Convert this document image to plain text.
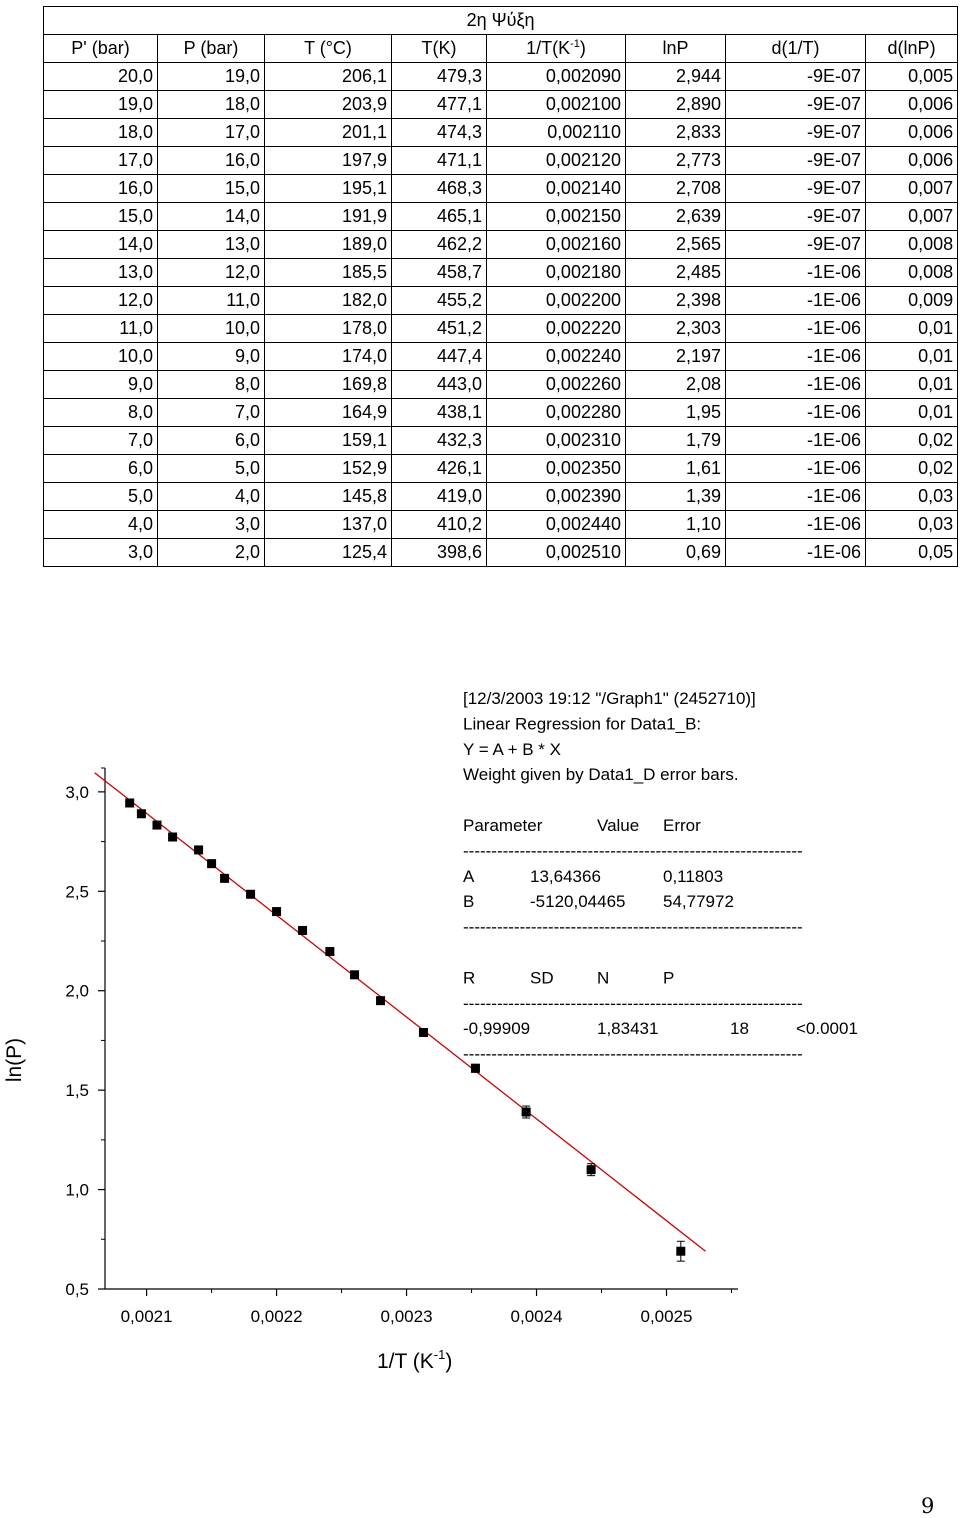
2η Ψύξη							
P' (bar)	P (bar)	T (°C)	T(K)	$1/T(K^{-1})$	lnP	d(1/T)	d(lnP)
20,0	19,0	206,1	479,3	0,002090	2,944	-9E-07	0,005
19,0	18,0	203,9	477,1	0,002100	2,890	-9E-07	0,006
18,0	17,0	201,1	474,3	0,002110	2,833	-9E-07	0,006
17,0	16,0	197,9	471,1	0,002120	2,773	-9E-07	0,006
16,0	15,0	195,1	468,3	0,002140	2,708	-9E-07	0,007
15,0	14,0	191,9	465,1	0,002150	2,639	-9E-07	0,007
14,0	13,0	189,0	462,2	0,002160	2,565	-9E-07	0,008
13,0	12,0	185,5	458,7	0,002180	2,485	-1E-06	0,008
12,0	11,0	182,0	455,2	0,002200	2,398	-1E-06	0,009
11,0	10,0	178,0	451,2	0,002220	2,303	-1E-06	0,01
10,0	9,0	174,0	447,4	0,002240	2,197	-1E-06	0,01
9,0	8,0	169,8	443,0	0,002260	2,08	-1E-06	0,01
8,0	7,0	164,9	438,1	0,002280	1,95	-1E-06	0,01
7,0	6,0	159,1	432,3	0,002310	1,79	-1E-06	0,02
6,0	5,0	152,9	426,1	0,002350	1,61	-1E-06	0,02
5,0	4,0	145,8	419,0	0,002390	1,39	-1E-06	0,03
4,0	3,0	137,0	410,2	0,002440	1,10	-1E-06	0,03
3,0	2,0	125,4	398,6	0,002510	0,69	-1E-06	0,05
0,5
1,0
1,5
2,0
2,5
3,0
0,0021	0,0022	0,0023	0,0024	0,0025
1/T $(K^{-1})$
ln(P)
[12/3/2003 19:12 "/Graph1" (2452710)]
Linear Regression for Data1_B:
Y = A + B * X
Weight given by Data1_D error bars.
Parameter	Value Error
------------------------------------------------------------
A	13,64366	0,11803
B	-5120,04465 54,77972
------------------------------------------------------------
R	SD	N	P
------------------------------------------------------------
-0,99909	1,83431	18	<0.0001
------------------------------------------------------------
9
